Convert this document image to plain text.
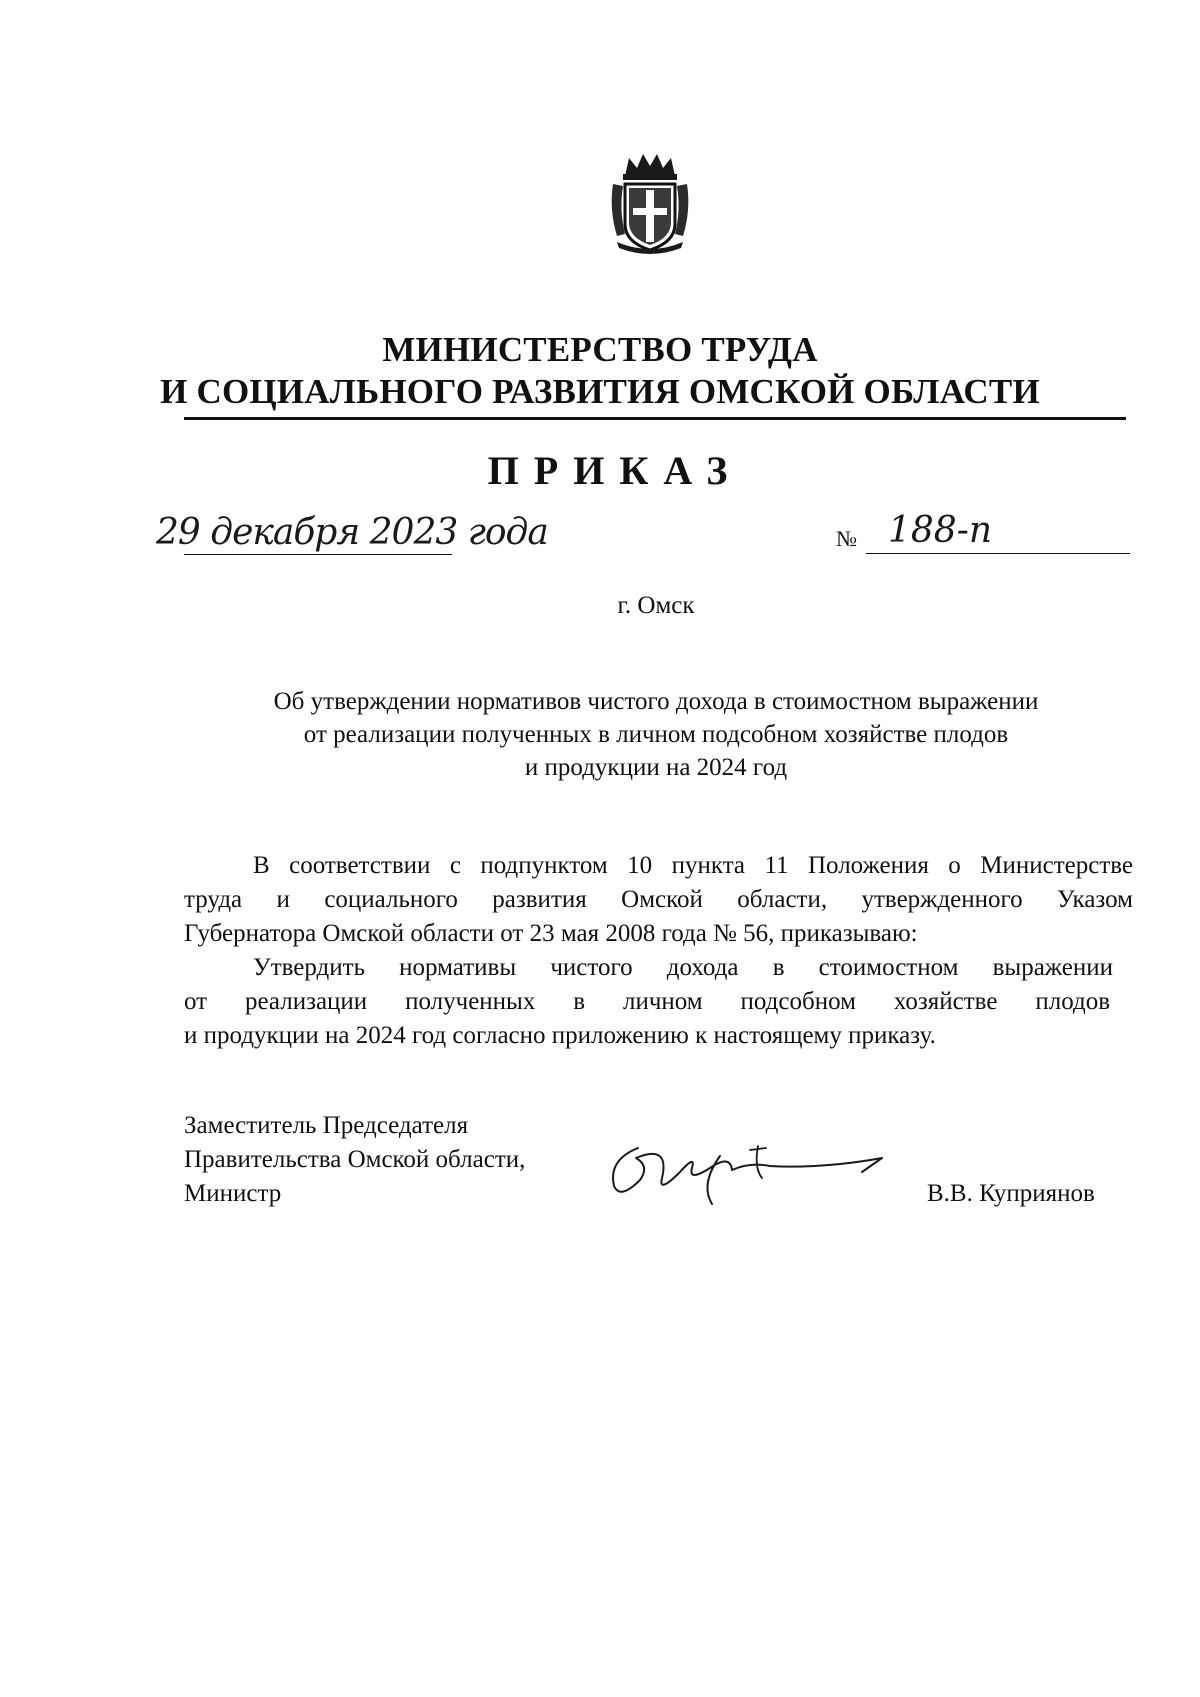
МИНИСТЕРСТВО ТРУДА
И СОЦИАЛЬНОГО РАЗВИТИЯ ОМСКОЙ ОБЛАСТИ
ПРИКАЗ
29 декабря 2023 года	№ 188-п
г. Омск
Об утверждении нормативов чистого дохода в стоимостном выражении
от реализации полученных в личном подсобном хозяйстве плодов
и продукции на 2024 год
В соответствии с подпунктом 10 пункта 11 Положения о Министерстве
труда и социального развития Омской области, утвержденного Указом
Губернатора Омской области от 23 мая 2008 года № 56, приказываю:
Утвердить нормативы чистого дохода в стоимостном выражении
от реализации полученных в личном подсобном хозяйстве плодов
и продукции на 2024 год согласно приложению к настоящему приказу.
Заместитель Председателя
Правительства Омской области,
Министр	В.В. Куприянов
